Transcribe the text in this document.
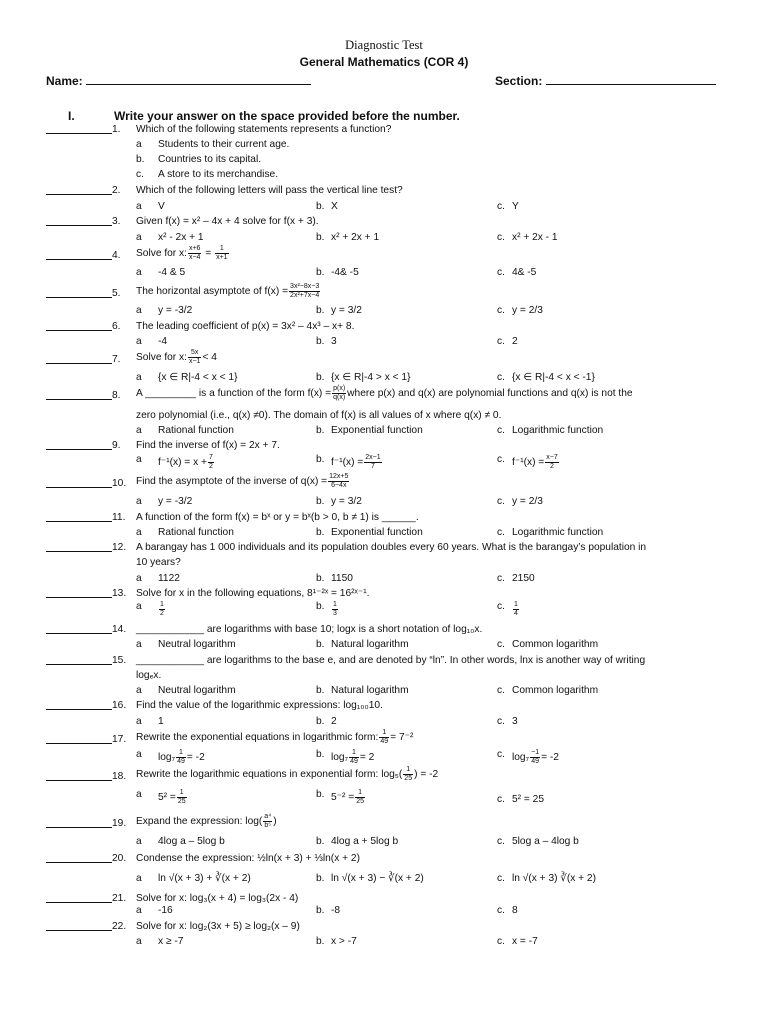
Diagnostic Test
General Mathematics (COR 4)
Name:	Section:
I.	Write your answer on the space provided before the number.
1. Which of the following statements represents a function?
a Students to their current age.
b. Countries to its capital.
c. A store to its merchandise.
2. Which of the following letters will pass the vertical line test?
a V	b. X	c. Y
3. Given f(x) = x² – 4x + 4 solve for f(x + 3).
a x² - 2x + 1	b. x² + 2x + 1	c. x² + 2x - 1
4. Solve for x: $\frac{x+6}{x-4} = \frac{1}{x+1}$
a -4 & 5	b. -4& -5	c. 4& -5
5. The horizontal asymptote of $f(x) = \frac{\text{3x²−8x−3}}{\text{2x²+7x−4}}$
a y = -3/2	b. y = 3/2	c. y = 2/3
6. The leading coefficient of p(x) = 3x² – 4x³ – x+ 8.
a -4	b. 3	c. 2
7. Solve for x: $\frac{5x}{x-1} < 4$
a {x ∈ R|-4 < x < 1}	b. {x ∈ R|-4 > x < 1}	c. {x ∈ R|-4 < x < -1}
8. A _________ is a function of the form $f(x) = \frac{p(x)}{q(x)}$ where p(x) and q(x) are polynomial functions and q(x) is not the
zero polynomial (i.e., q(x) ≠0). The domain of f(x) is all values of x where q(x) ≠ 0.
a Rational function	b. Exponential function	c. Logarithmic function
9. Find the inverse of f(x) = 2x + 7.
a $f^{-1}(x) = x + \frac{7}{2}$	b. $f^{-1}(x) = \frac{2x-1}{7}$	c. $f^{-1}(x) = \frac{x-7}{2}$
10. Find the asymptote of the inverse of $q(x) = \frac{12x+5}{6-4x}$
a y = -3/2	b. y = 3/2	c. y = 2/3
11. A function of the form f(x) = bˣ or y = bˣ(b > 0, b ≠ 1) is ______.
a Rational function	b. Exponential function	c. Logarithmic function
12. A barangay has 1 000 individuals and its population doubles every 60 years. What is the barangay’s population in
10 years?
a 1122	b. 1150	c. 2150
13. Solve for x in the following equations, 8¹⁻²ˣ = 16²ˣ⁻¹.
a $\frac{1}{2}$	b. $\frac{1}{3}$	c. $\frac{1}{4}$
14. ____________ are logarithms with base 10; logx is a short notation of log₁₀x.
a Neutral logarithm	b. Natural logarithm	c. Common logarithm
15. ____________ are logarithms to the base e, and are denoted by “ln”. In other words, lnx is another way of writing
logₑx.
a Neutral logarithm	b. Natural logarithm	c. Common logarithm
16. Find the value of the logarithmic expressions: log₁₀₀10.
a 1	b. 2	c. 3
17. Rewrite the exponential equations in logarithmic form: $\frac{1}{49} = 7^{-2}$
a $\log_7 \frac{1}{49} = -2$	b. $\log_7 \frac{1}{49} = 2$	c. $\log_7 \frac{-1}{49} = -2$
18. Rewrite the logarithmic equations in exponential form: $\log_5( \frac{1}{25}$ ) = -2
a $5^2 = \frac{1}{25}$	b. $5^{-2} = \frac{1}{25}$	c. 5² = 25
19. Expand the expression: $\log( \frac{\text{a⁴}}{\text{b⁵}}$ )
a 4log a – 5log b	b. 4log a + 5log b	c. 5log a – 4log b
20. Condense the expression: ½ln(x + 3) + ⅓ln(x + 2)
a ln √(x + 3) + ∛(x + 2)	b. ln √(x + 3) − ∛(x + 2)	c. ln √(x + 3) ∛(x + 2)
21. Solve for x: log₃(x + 4) = log₃(2x - 4)
a -16	b. -8	c. 8
22. Solve for x: log₂(3x + 5) ≥ log₂(x – 9)
a x ≥ -7	b. x > -7	c. x = -7
